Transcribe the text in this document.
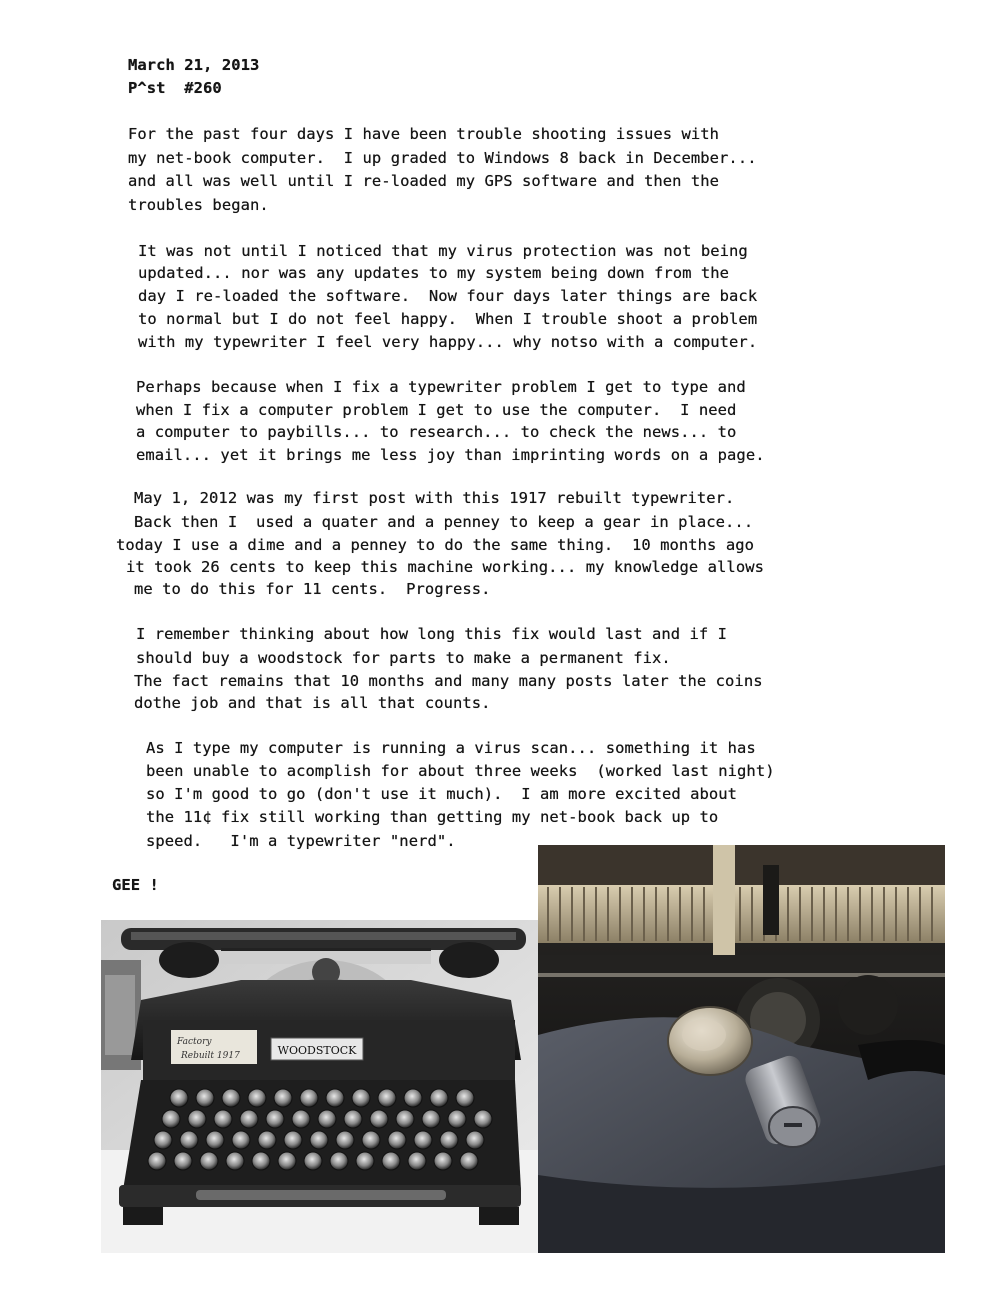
March 21, 2013
P^st  #260
For the past four days I have been trouble shooting issues with
my net-book computer.  I up graded to Windows 8 back in December...
and all was well until I re-loaded my GPS software and then the
troubles began.
It was not until I noticed that my virus protection was not being
updated... nor was any updates to my system being down from the
day I re-loaded the software.  Now four days later things are back
to normal but I do not feel happy.  When I trouble shoot a problem
with my typewriter I feel very happy... why notso with a computer.
Perhaps because when I fix a typewriter problem I get to type and
when I fix a computer problem I get to use the computer.  I need
a computer to paybills... to research... to check the news... to
email... yet it brings me less joy than imprinting words on a page.
May 1, 2012 was my first post with this 1917 rebuilt typewriter.
Back then I  used a quater and a penney to keep a gear in place...
today I use a dime and a penney to do the same thing.  10 months ago
it took 26 cents to keep this machine working... my knowledge allows
me to do this for 11 cents.  Progress.
I remember thinking about how long this fix would last and if I
should buy a woodstock for parts to make a permanent fix.
The fact remains that 10 months and many many posts later the coins
dothe job and that is all that counts.
As I type my computer is running a virus scan... something it has
been unable to acomplish for about three weeks  (worked last night)
so I'm good to go (don't use it much).  I am more excited about
the 11¢ fix still working than getting my net-book back up to
speed.   I'm a typewriter "nerd".
GEE !
Factory
Rebuilt 1917	WOODSTOCK
